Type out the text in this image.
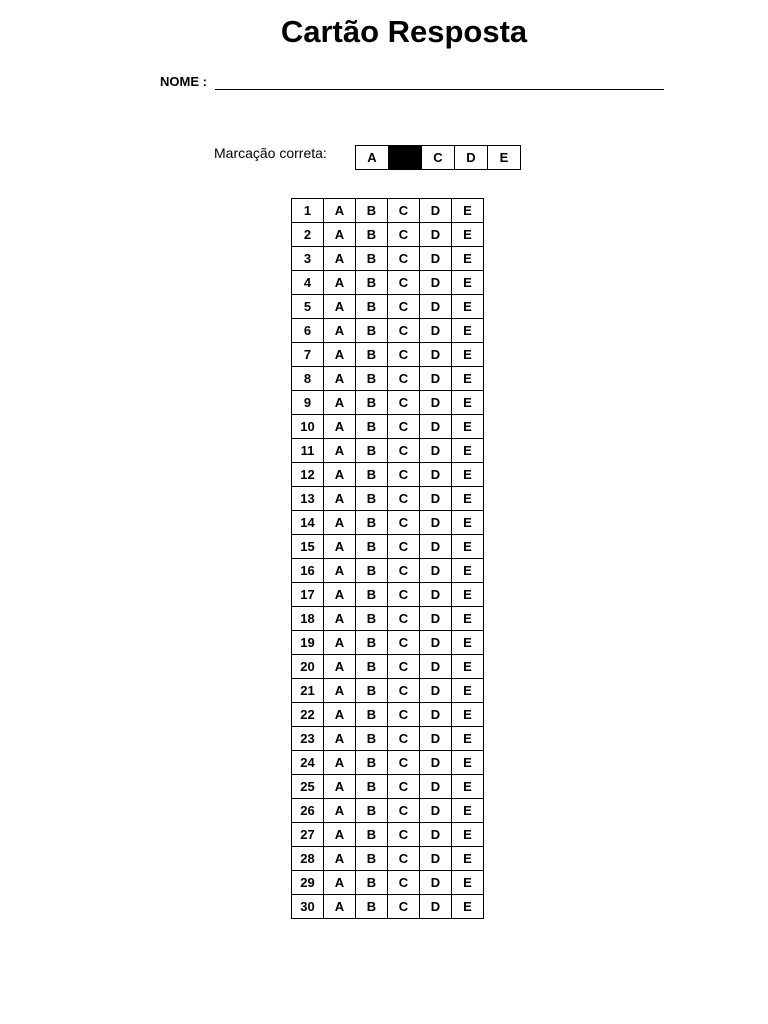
Cartão Resposta
NOME :
Marcação correta:	A		C	D	E
1	A	B	C	D	E
2	A	B	C	D	E
3	A	B	C	D	E
4	A	B	C	D	E
5	A	B	C	D	E
6	A	B	C	D	E
7	A	B	C	D	E
8	A	B	C	D	E
9	A	B	C	D	E
10	A	B	C	D	E
11	A	B	C	D	E
12	A	B	C	D	E
13	A	B	C	D	E
14	A	B	C	D	E
15	A	B	C	D	E
16	A	B	C	D	E
17	A	B	C	D	E
18	A	B	C	D	E
19	A	B	C	D	E
20	A	B	C	D	E
21	A	B	C	D	E
22	A	B	C	D	E
23	A	B	C	D	E
24	A	B	C	D	E
25	A	B	C	D	E
26	A	B	C	D	E
27	A	B	C	D	E
28	A	B	C	D	E
29	A	B	C	D	E
30	A	B	C	D	E
